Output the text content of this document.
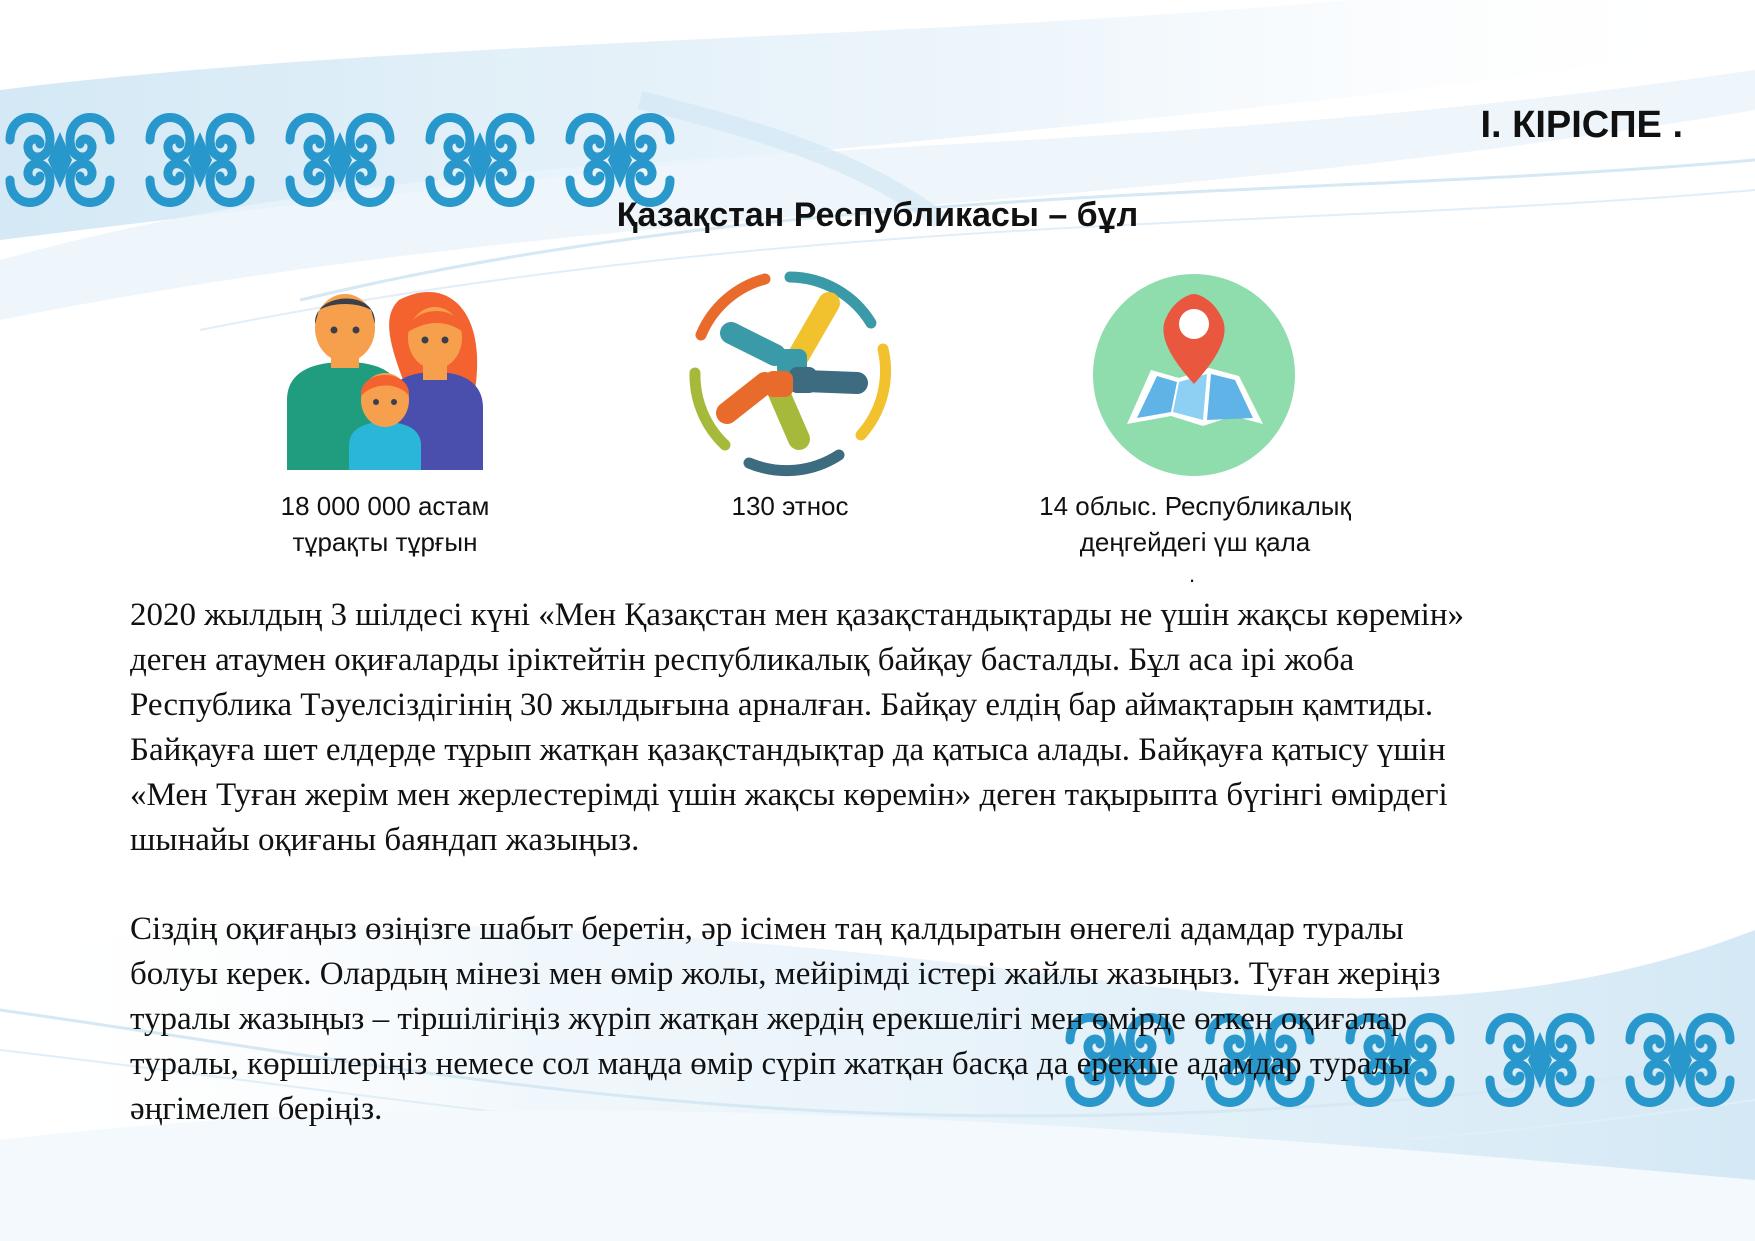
І. КІРІСПЕ .
Қазақстан Республикасы – бұл
18 000 000 астам
тұрақты тұрғын
130 этнос	14 облыс. Республикалық
деңгейдегі үш қала
.
2020 жылдың 3 шілдесі күні «Мен Қазақстан мен қазақстандықтарды не үшін жақсы көремін»
деген атаумен оқиғаларды іріктейтін республикалық байқау басталды. Бұл аса ірі жоба
Республика Тәуелсіздігінің 30 жылдығына арналған. Байқау елдің бар аймақтарын қамтиды.
Байқауға шет елдерде тұрып жатқан қазақстандықтар да қатыса алады. Байқауға қатысу үшін
«Мен Туған жерім мен жерлестерімді үшін жақсы көремін» деген тақырыпта бүгінгі өмірдегі
шынайы оқиғаны баяндап жазыңыз.
Сіздің оқиғаңыз өзіңізге шабыт беретін, әр ісімен таң қалдыратын өнегелі адамдар туралы
болуы керек. Олардың мінезі мен өмір жолы, мейірімді істері жайлы жазыңыз. Туған жеріңіз
туралы жазыңыз – тіршілігіңіз жүріп жатқан жердің ерекшелігі мен өмірде өткен оқиғалар
туралы, көршілеріңіз немесе сол маңда өмір сүріп жатқан басқа да ерекше адамдар туралы
әңгімелеп беріңіз.
